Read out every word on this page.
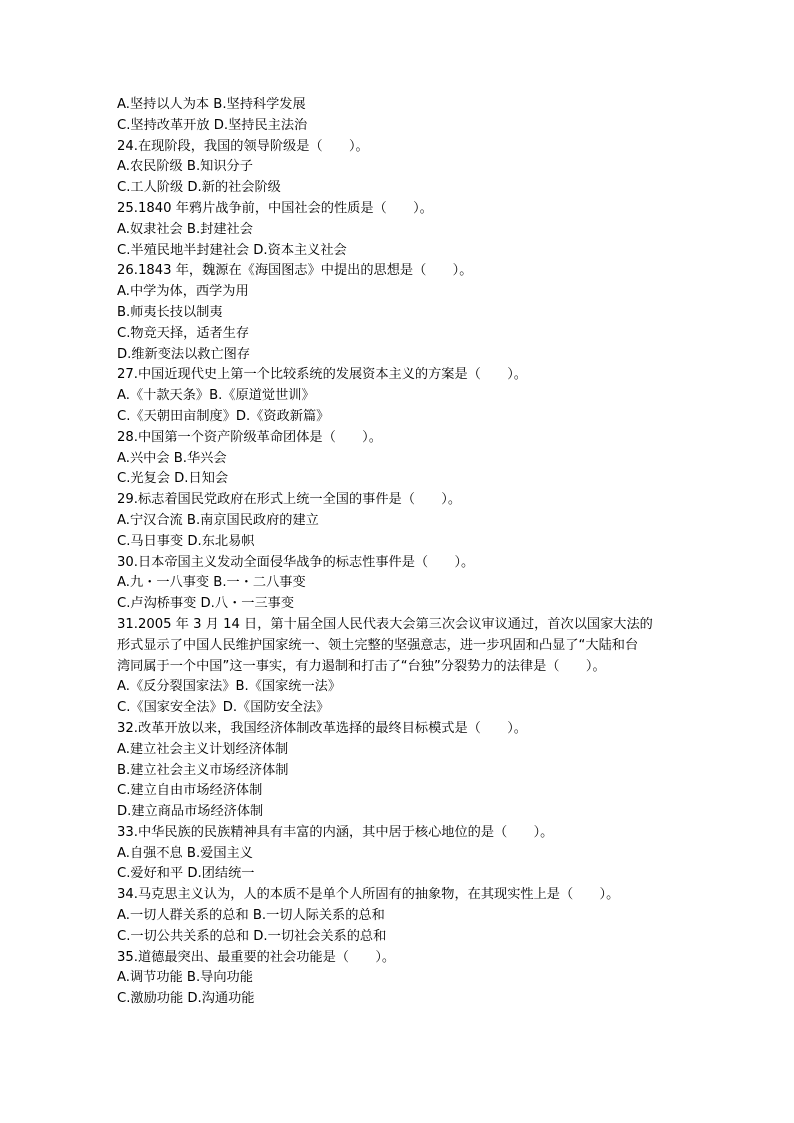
A.坚持以人为本 B.坚持科学发展
C.坚持改革开放 D.坚持民主法治
24.在现阶段，我国的领导阶级是（　　）。
A.农民阶级 B.知识分子
C.工人阶级 D.新的社会阶级
25.1840 年鸦片战争前，中国社会的性质是（　　）。
A.奴隶社会 B.封建社会
C.半殖民地半封建社会 D.资本主义社会
26.1843 年，魏源在《海国图志》中提出的思想是（　　）。
A.中学为体，西学为用
B.师夷长技以制夷
C.物竞天择，适者生存
D.维新变法以救亡图存
27.中国近现代史上第一个比较系统的发展资本主义的方案是（　　）。
A.《十款天条》B.《原道觉世训》
C.《天朝田亩制度》D.《资政新篇》
28.中国第一个资产阶级革命团体是（　　）。
A.兴中会 B.华兴会
C.光复会 D.日知会
29.标志着国民党政府在形式上统一全国的事件是（　　）。
A.宁汉合流 B.南京国民政府的建立
C.马日事变 D.东北易帜
30.日本帝国主义发动全面侵华战争的标志性事件是（　　）。
A.九・一八事变 B.一・二八事变
C.卢沟桥事变 D.八・一三事变
31.2005 年 3 月 14 日，第十届全国人民代表大会第三次会议审议通过，首次以国家大法的
形式显示了中国人民维护国家统一、领土完整的坚强意志，进一步巩固和凸显了“大陆和台
湾同属于一个中国”这一事实，有力遏制和打击了“台独”分裂势力的法律是（　　）。
A.《反分裂国家法》B.《国家统一法》
C.《国家安全法》D.《国防安全法》
32.改革开放以来，我国经济体制改革选择的最终目标模式是（　　）。
A.建立社会主义计划经济体制
B.建立社会主义市场经济体制
C.建立自由市场经济体制
D.建立商品市场经济体制
33.中华民族的民族精神具有丰富的内涵，其中居于核心地位的是（　　）。
A.自强不息 B.爱国主义
C.爱好和平 D.团结统一
34.马克思主义认为，人的本质不是单个人所固有的抽象物，在其现实性上是（　　）。
A.一切人群关系的总和 B.一切人际关系的总和
C.一切公共关系的总和 D.一切社会关系的总和
35.道德最突出、最重要的社会功能是（　　）。
A.调节功能 B.导向功能
C.激励功能 D.沟通功能
